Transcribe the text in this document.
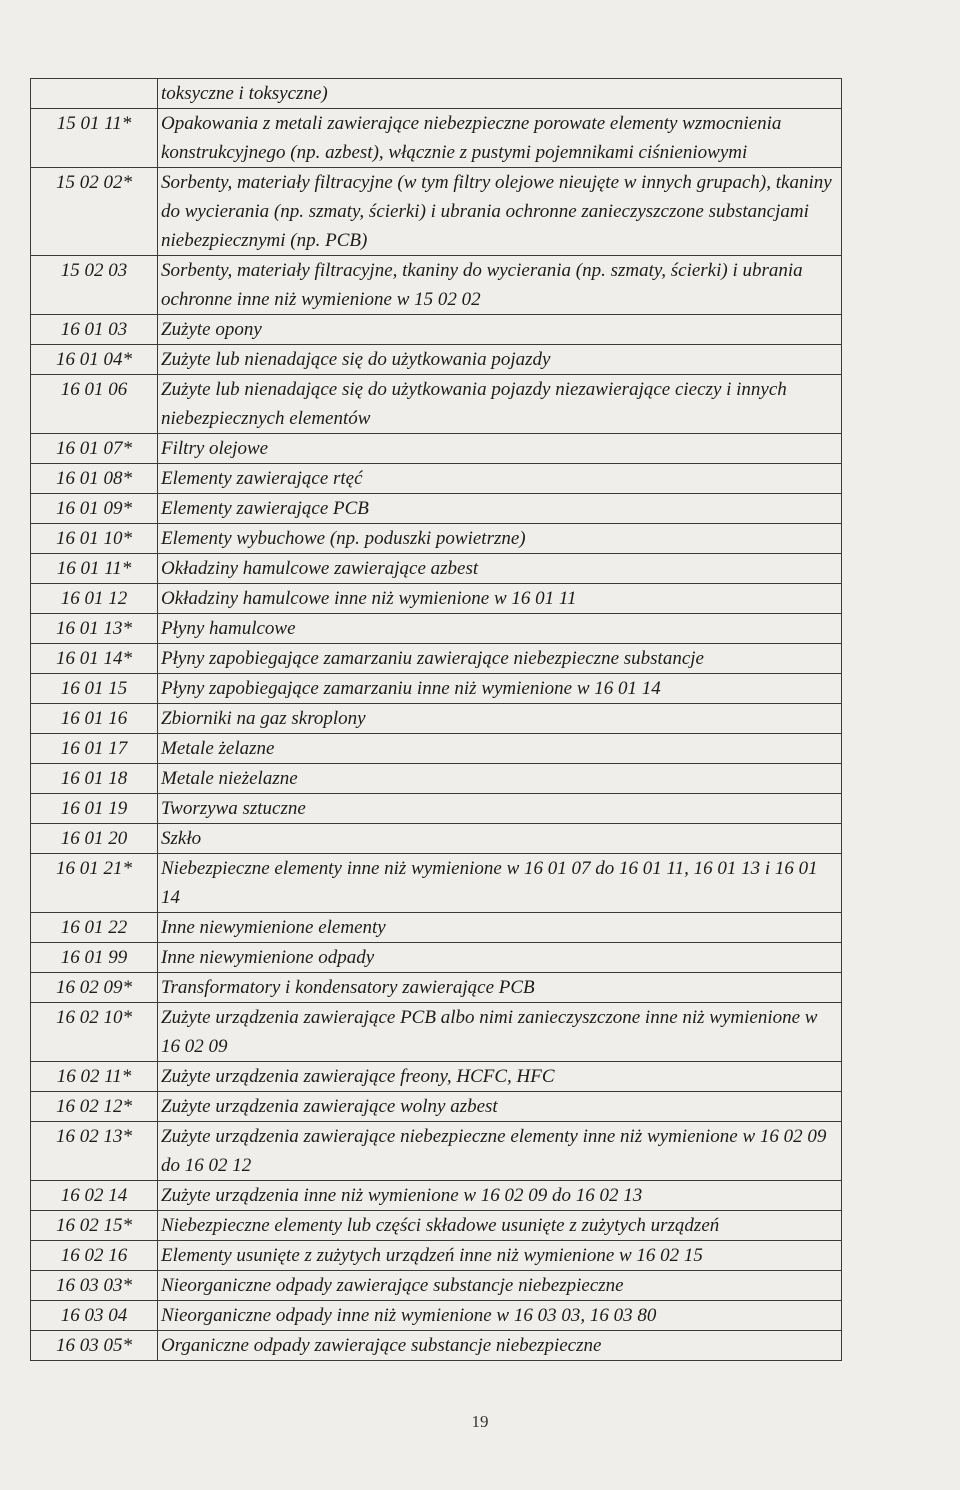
	toksyczne i toksyczne)
15 01 11*	Opakowania z metali zawierające niebezpieczne porowate elementy wzmocnienia konstrukcyjnego (np. azbest), włącznie z pustymi pojemnikami ciśnieniowymi
15 02 02*	Sorbenty, materiały filtracyjne (w tym filtry olejowe nieujęte w innych grupach), tkaniny do wycierania (np. szmaty, ścierki) i ubrania ochronne zanieczyszczone substancjami niebezpiecznymi (np. PCB)
15 02 03	Sorbenty, materiały filtracyjne, tkaniny do wycierania (np. szmaty, ścierki) i ubrania ochronne inne niż wymienione w 15 02 02
16 01 03	Zużyte opony
16 01 04*	Zużyte lub nienadające się do użytkowania pojazdy
16 01 06	Zużyte lub nienadające się do użytkowania pojazdy niezawierające cieczy i innych niebezpiecznych elementów
16 01 07*	Filtry olejowe
16 01 08*	Elementy zawierające rtęć
16 01 09*	Elementy zawierające PCB
16 01 10*	Elementy wybuchowe (np. poduszki powietrzne)
16 01 11*	Okładziny hamulcowe zawierające azbest
16 01 12	Okładziny hamulcowe inne niż wymienione w 16 01 11
16 01 13*	Płyny hamulcowe
16 01 14*	Płyny zapobiegające zamarzaniu zawierające niebezpieczne substancje
16 01 15	Płyny zapobiegające zamarzaniu inne niż wymienione w 16 01 14
16 01 16	Zbiorniki na gaz skroplony
16 01 17	Metale żelazne
16 01 18	Metale nieżelazne
16 01 19	Tworzywa sztuczne
16 01 20	Szkło
16 01 21*	Niebezpieczne elementy inne niż wymienione w 16 01 07 do 16 01 11, 16 01 13 i 16 01 14
16 01 22	Inne niewymienione elementy
16 01 99	Inne niewymienione odpady
16 02 09*	Transformatory i kondensatory zawierające PCB
16 02 10*	Zużyte urządzenia zawierające PCB albo nimi zanieczyszczone inne niż wymienione w 16 02 09
16 02 11*	Zużyte urządzenia zawierające freony, HCFC, HFC
16 02 12*	Zużyte urządzenia zawierające wolny azbest
16 02 13*	Zużyte urządzenia zawierające niebezpieczne elementy inne niż wymienione w 16 02 09 do 16 02 12
16 02 14	Zużyte urządzenia inne niż wymienione w 16 02 09 do 16 02 13
16 02 15*	Niebezpieczne elementy lub części składowe usunięte z zużytych urządzeń
16 02 16	Elementy usunięte z zużytych urządzeń inne niż wymienione w 16 02 15
16 03 03*	Nieorganiczne odpady zawierające substancje niebezpieczne
16 03 04	Nieorganiczne odpady inne niż wymienione w 16 03 03, 16 03 80
16 03 05*	Organiczne odpady zawierające substancje niebezpieczne
19
